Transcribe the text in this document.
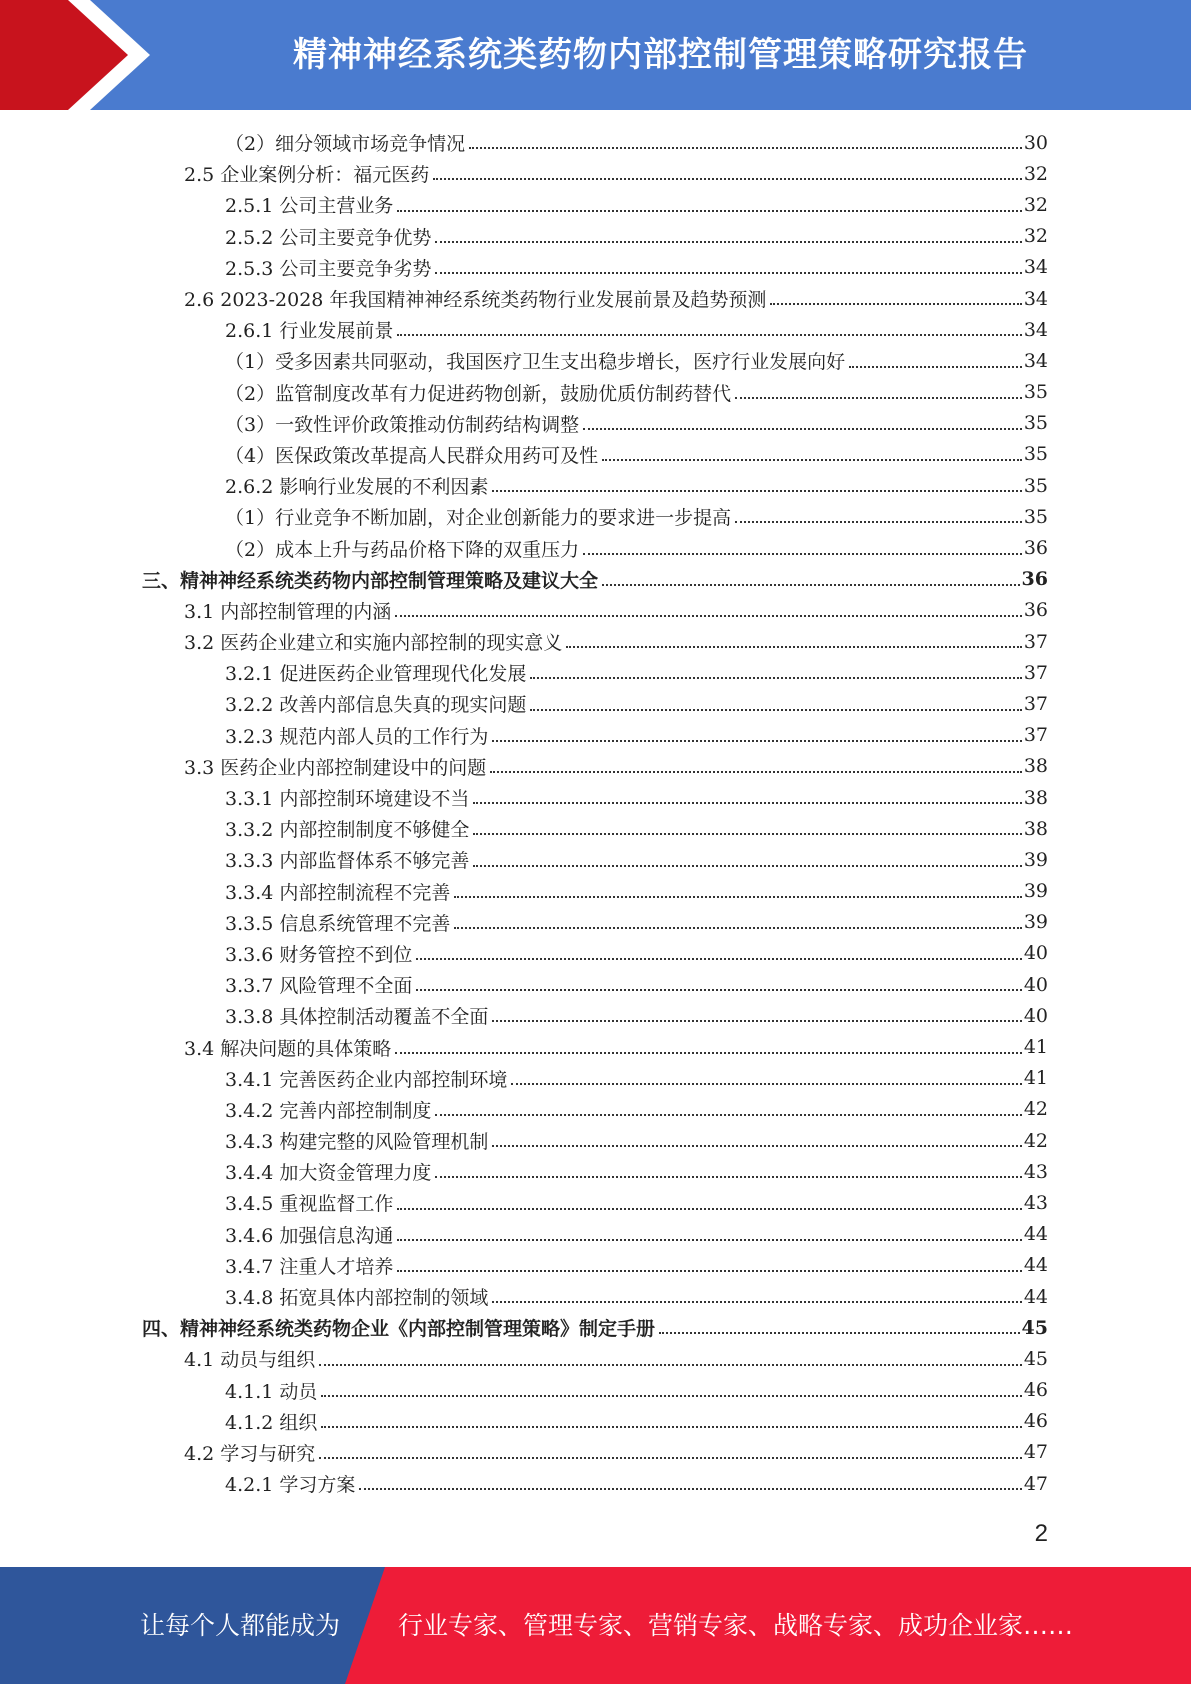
精神神经系统类药物内部控制管理策略研究报告
（2）细分领域市场竞争情况	30
2.5 企业案例分析：福元医药	32
2.5.1 公司主营业务	32
2.5.2 公司主要竞争优势	32
2.5.3 公司主要竞争劣势	34
2.6 2023-2028 年我国精神神经系统类药物行业发展前景及趋势预测	34
2.6.1 行业发展前景	34
（1）受多因素共同驱动，我国医疗卫生支出稳步增长，医疗行业发展向好	34
（2）监管制度改革有力促进药物创新，鼓励优质仿制药替代	35
（3）一致性评价政策推动仿制药结构调整	35
（4）医保政策改革提高人民群众用药可及性	35
2.6.2 影响行业发展的不利因素	35
（1）行业竞争不断加剧，对企业创新能力的要求进一步提高	35
（2）成本上升与药品价格下降的双重压力	36
三、精神神经系统类药物内部控制管理策略及建议大全	36
3.1 内部控制管理的内涵	36
3.2 医药企业建立和实施内部控制的现实意义	37
3.2.1 促进医药企业管理现代化发展	37
3.2.2 改善内部信息失真的现实问题	37
3.2.3 规范内部人员的工作行为	37
3.3 医药企业内部控制建设中的问题	38
3.3.1 内部控制环境建设不当	38
3.3.2 内部控制制度不够健全	38
3.3.3 内部监督体系不够完善	39
3.3.4 内部控制流程不完善	39
3.3.5 信息系统管理不完善	39
3.3.6 财务管控不到位	40
3.3.7 风险管理不全面	40
3.3.8 具体控制活动覆盖不全面	40
3.4 解决问题的具体策略	41
3.4.1 完善医药企业内部控制环境	41
3.4.2 完善内部控制制度	42
3.4.3 构建完整的风险管理机制	42
3.4.4 加大资金管理力度	43
3.4.5 重视监督工作	43
3.4.6 加强信息沟通	44
3.4.7 注重人才培养	44
3.4.8 拓宽具体内部控制的领域	44
四、精神神经系统类药物企业《内部控制管理策略》制定手册	45
4.1 动员与组织	45
4.1.1 动员	46
4.1.2 组织	46
4.2 学习与研究	47
4.2.1 学习方案	47
2
让每个人都能成为 行业专家、管理专家、营销专家、战略专家、成功企业家……
